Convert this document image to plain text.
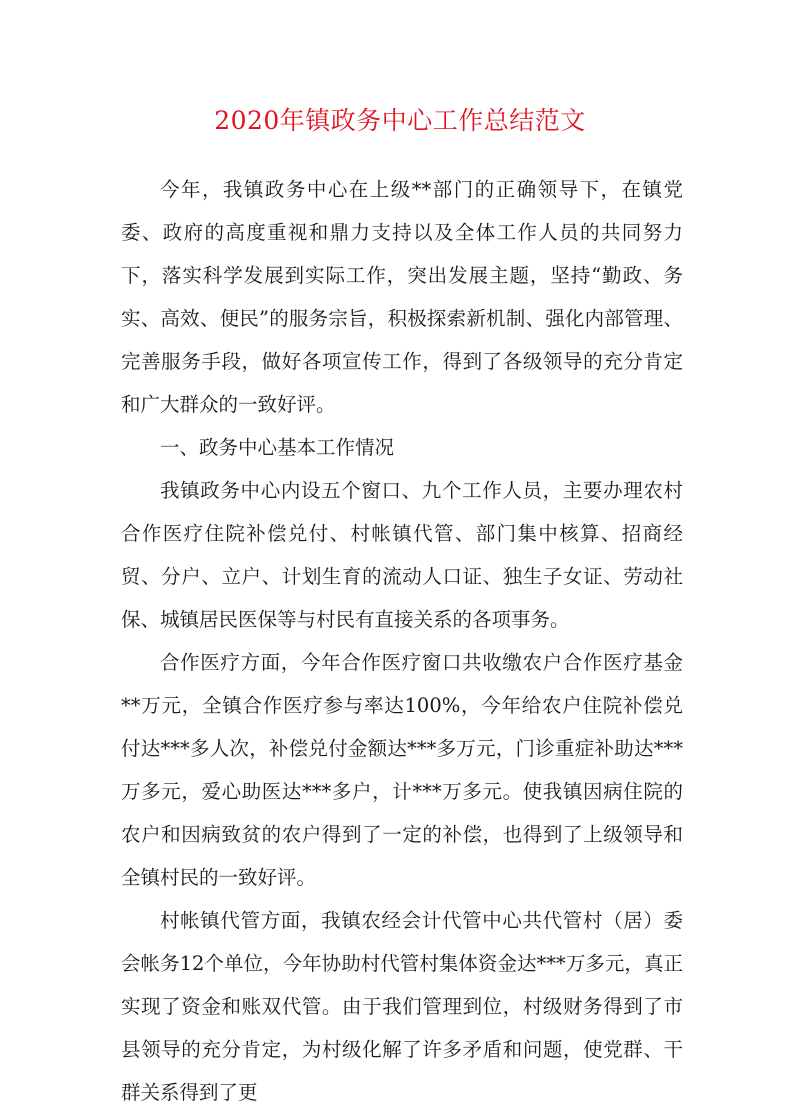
2020年镇政务中心工作总结范文

今年，我镇政务中心在上级**部门的正确领导下，在镇党委、政府的高度重视和鼎力支持以及全体工作人员的共同努力下，落实科学发展到实际工作，突出发展主题，坚持“勤政、务实、高效、便民”的服务宗旨，积极探索新机制、强化内部管理、完善服务手段，做好各项宣传工作，得到了各级领导的充分肯定和广大群众的一致好评。

一、政务中心基本工作情况

我镇政务中心内设五个窗口、九个工作人员，主要办理农村合作医疗住院补偿兑付、村帐镇代管、部门集中核算、招商经贸、分户、立户、计划生育的流动人口证、独生子女证、劳动社保、城镇居民医保等与村民有直接关系的各项事务。

合作医疗方面，今年合作医疗窗口共收缴农户合作医疗基金**万元，全镇合作医疗参与率达100%，今年给农户住院补偿兑付达***多人次，补偿兑付金额达***多万元，门诊重症补助达***万多元，爱心助医达***多户，计***万多元。使我镇因病住院的农户和因病致贫的农户得到了一定的补偿，也得到了上级领导和全镇村民的一致好评。

村帐镇代管方面，我镇农经会计代管中心共代管村（居）委会帐务12个单位，今年协助村代管村集体资金达***万多元，真正实现了资金和账双代管。由于我们管理到位，村级财务得到了市县领导的充分肯定，为村级化解了许多矛盾和问题，使党群、干群关系得到了更
